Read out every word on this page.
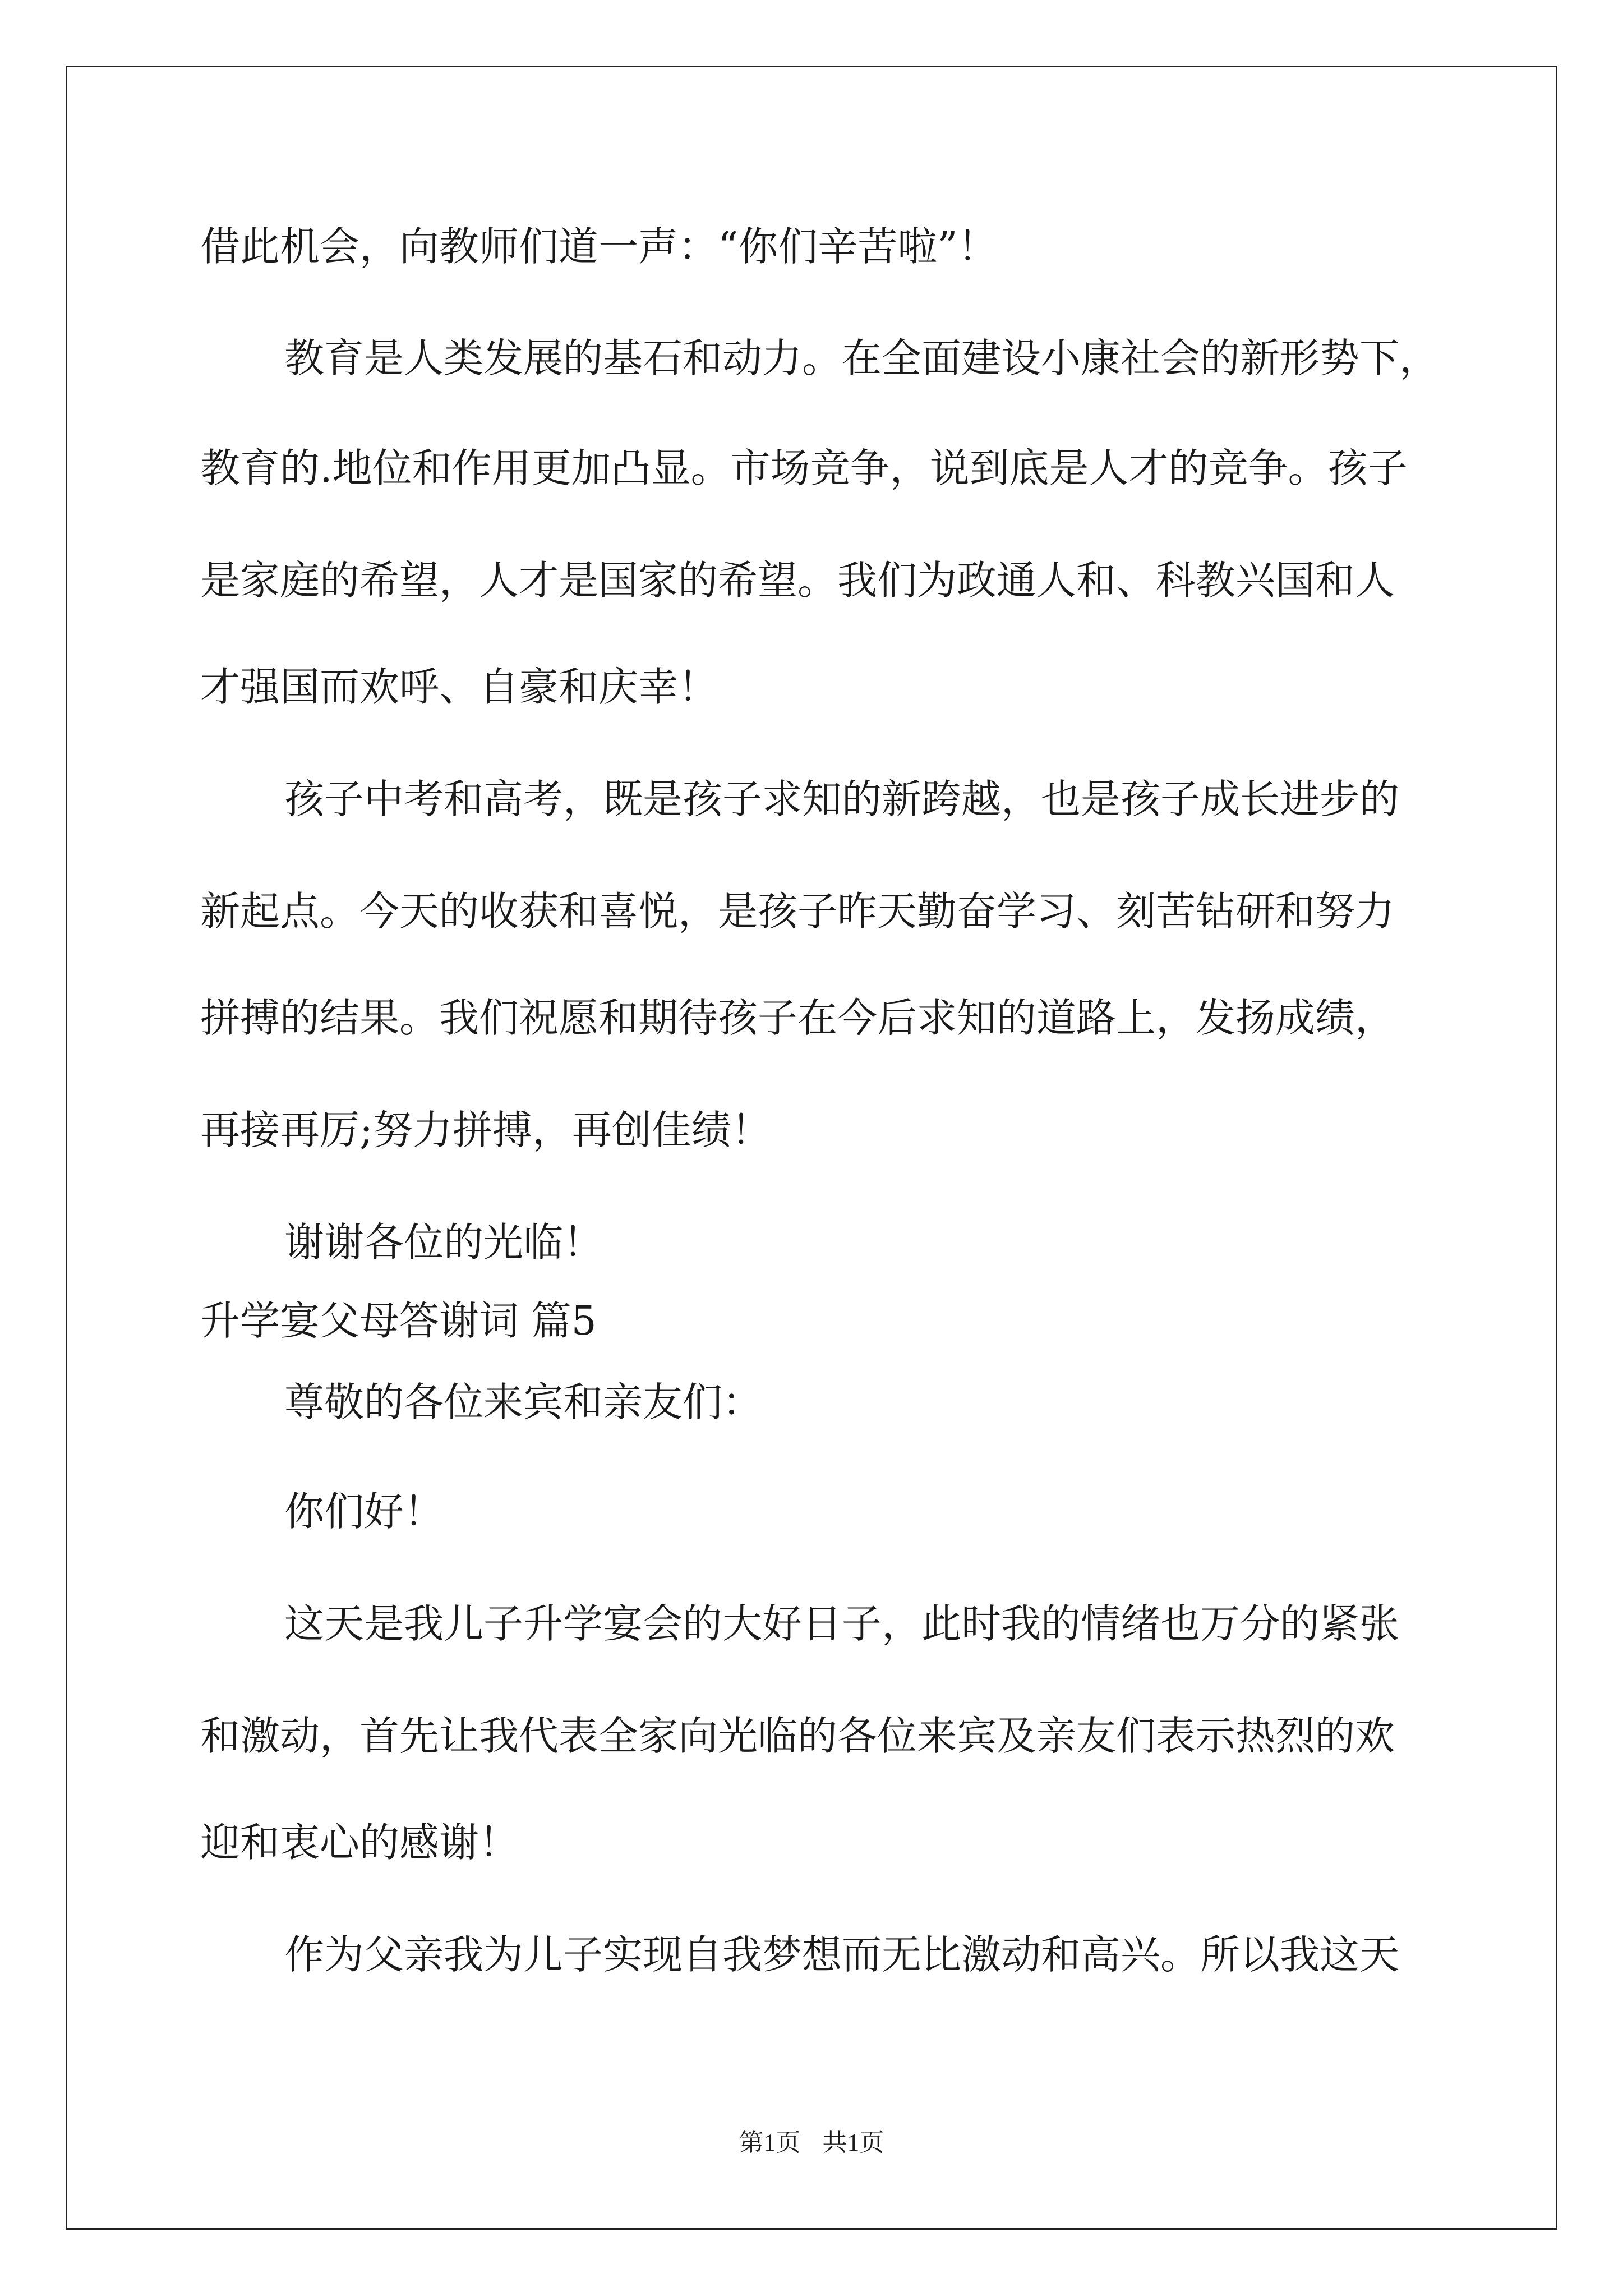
借此机会，向教师们道一声：“你们辛苦啦”！
教育是人类发展的基石和动力。在全面建设小康社会的新形势下，
教育的.地位和作用更加凸显。市场竞争，说到底是人才的竞争。孩子
是家庭的希望，人才是国家的希望。我们为政通人和、科教兴国和人
才强国而欢呼、自豪和庆幸！
孩子中考和高考，既是孩子求知的新跨越，也是孩子成长进步的
新起点。今天的收获和喜悦，是孩子昨天勤奋学习、刻苦钻研和努力
拼搏的结果。我们祝愿和期待孩子在今后求知的道路上，发扬成绩，
再接再厉;努力拼搏，再创佳绩！
谢谢各位的光临！
升学宴父母答谢词 篇5
尊敬的各位来宾和亲友们：
你们好！
这天是我儿子升学宴会的大好日子，此时我的情绪也万分的紧张
和激动，首先让我代表全家向光临的各位来宾及亲友们表示热烈的欢
迎和衷心的感谢！
作为父亲我为儿子实现自我梦想而无比激动和高兴。所以我这天
第1页 共1页
